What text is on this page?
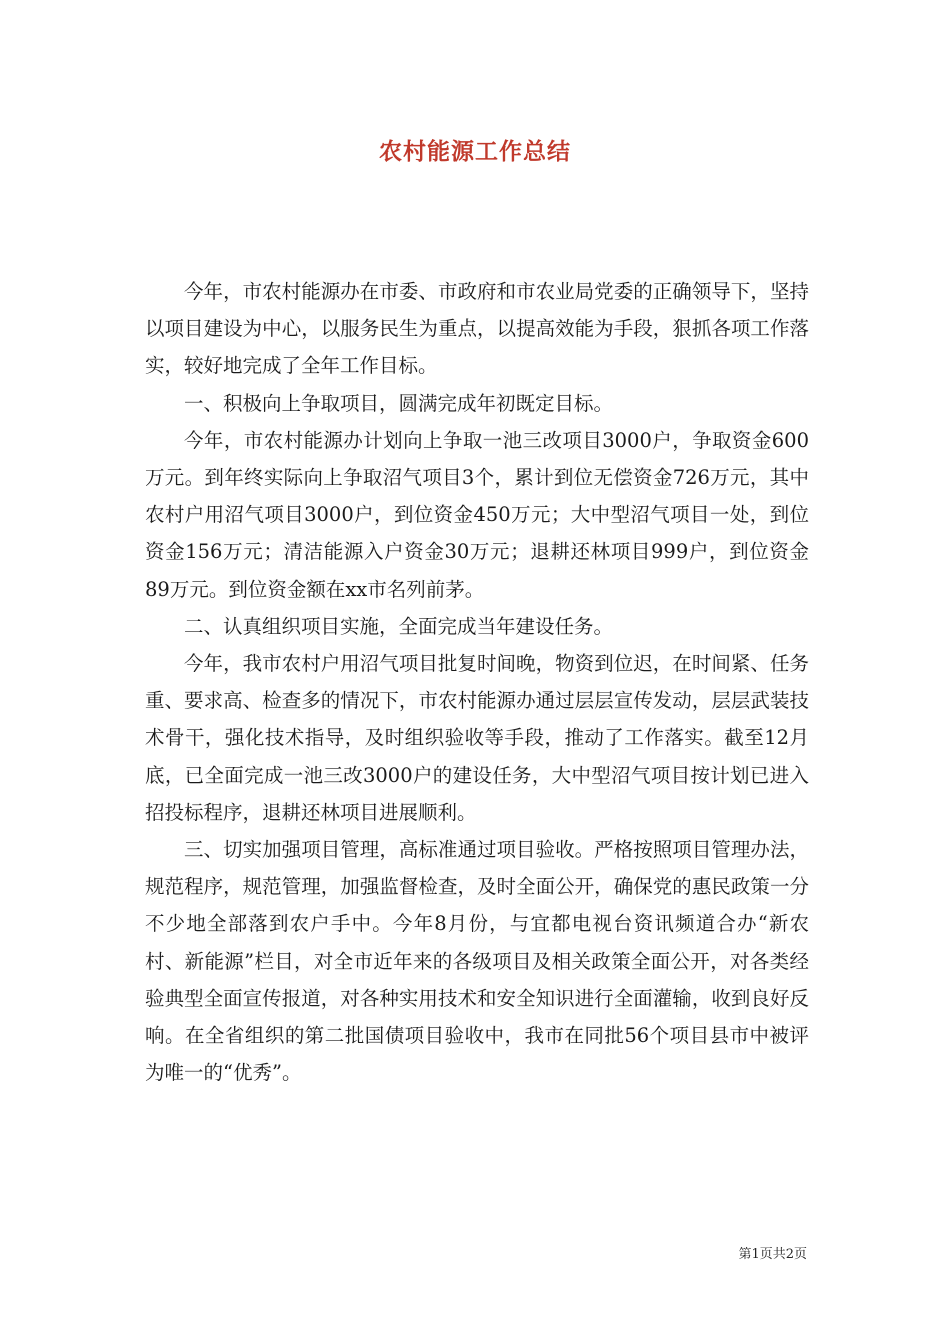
农村能源工作总结

今年，市农村能源办在市委、市政府和市农业局党委的正确领导下，坚持以项目建设为中心，以服务民生为重点，以提高效能为手段，狠抓各项工作落实，较好地完成了全年工作目标。

一、积极向上争取项目，圆满完成年初既定目标。

今年，市农村能源办计划向上争取一池三改项目3000户，争取资金600万元。到年终实际向上争取沼气项目3个，累计到位无偿资金726万元，其中农村户用沼气项目3000户，到位资金450万元；大中型沼气项目一处，到位资金156万元；清洁能源入户资金30万元；退耕还林项目999户，到位资金89万元。到位资金额在xx市名列前茅。

二、认真组织项目实施，全面完成当年建设任务。

今年，我市农村户用沼气项目批复时间晚，物资到位迟，在时间紧、任务重、要求高、检查多的情况下，市农村能源办通过层层宣传发动，层层武装技术骨干，强化技术指导，及时组织验收等手段，推动了工作落实。截至12月底，已全面完成一池三改3000户的建设任务，大中型沼气项目按计划已进入招投标程序，退耕还林项目进展顺利。

三、切实加强项目管理，高标准通过项目验收。严格按照项目管理办法，规范程序，规范管理，加强监督检查，及时全面公开，确保党的惠民政策一分不少地全部落到农户手中。今年8月份，与宜都电视台资讯频道合办“新农村、新能源”栏目，对全市近年来的各级项目及相关政策全面公开，对各类经验典型全面宣传报道，对各种实用技术和安全知识进行全面灌输，收到良好反响。在全省组织的第二批国债项目验收中，我市在同批56个项目县市中被评为唯一的“优秀”。

第1页共2页
